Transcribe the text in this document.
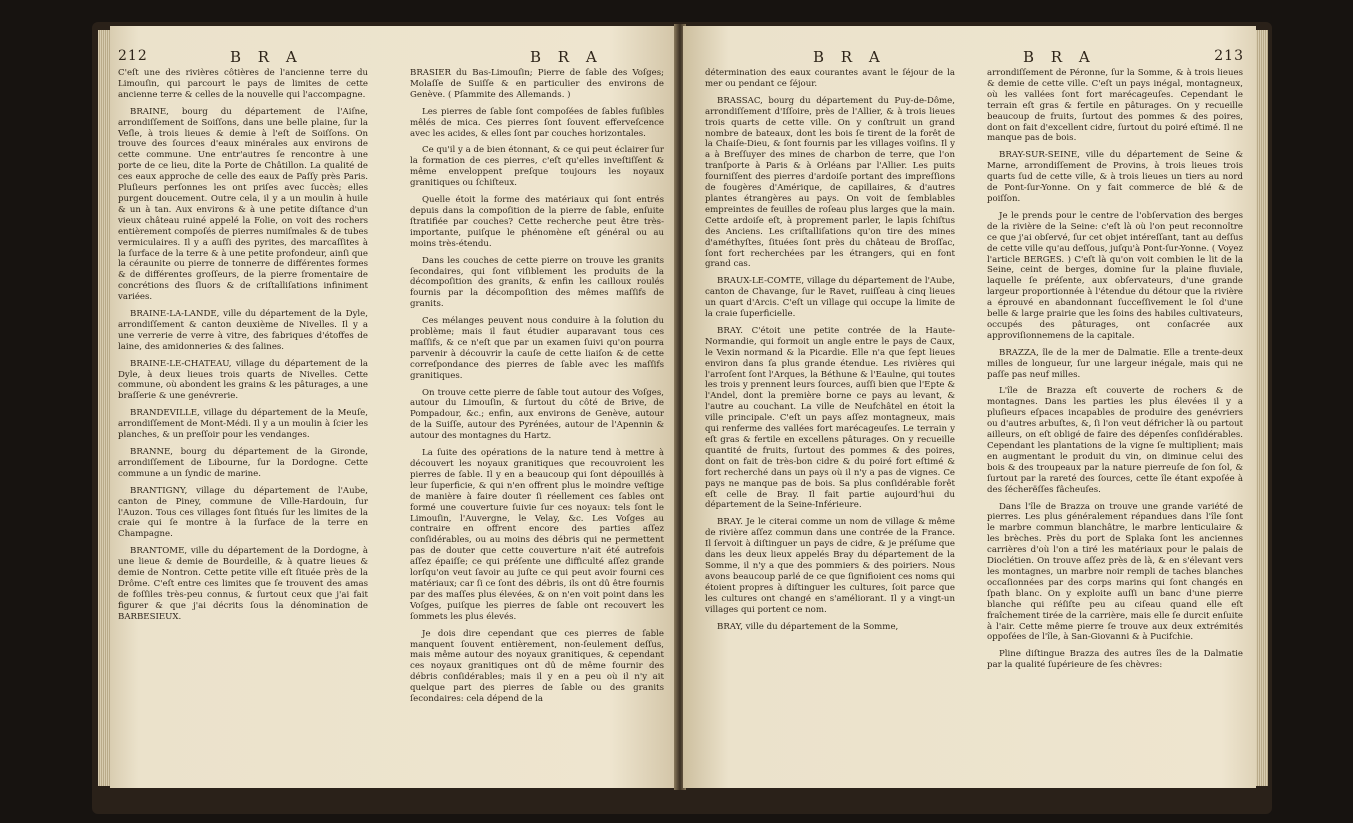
212	B R A	B R A

C'eſt une des rivières côtières de l'ancienne terre du Limouſin, qui parcourt le pays de limites de cette ancienne terre & celles de la nouvelle qui l'accompagne.

BRAINE, bourg du département de l'Aiſne, arrondiſſement de Soiſſons, dans une belle plaine, ſur la Veſle, à trois lieues & demie à l'eſt de Soiſſons. On trouve des ſources d'eaux minérales aux environs de cette commune. Une entr'autres ſe rencontre à une porte de ce lieu, dite la Porte de Châtillon. La qualité de ces eaux approche de celle des eaux de Paſſy près Paris. Pluſieurs perſonnes les ont priſes avec ſuccès; elles purgent doucement. Outre cela, il y a un moulin à huile & un à tan. Aux environs & à une petite diſtance d'un vieux château ruiné appelé la Folie, on voit des rochers entièrement compoſés de pierres numiſmales & de tubes vermiculaires. Il y a auſſi des pyrites, des marcaſſites à la ſurface de la terre & à une petite profondeur, ainſi que la céraunite ou pierre de tonnerre de différentes formes & de différentes groſſeurs, de la pierre ſromentaire de concrétions des ſluors & de criſtalliſations infiniment variées.

BRAINE-LA-LANDE, ville du département de la Dyle, arrondiſſement & canton deuxième de Nivelles. Il y a une verrerie de verre à vitre, des fabriques d'étoffes de laine, des amidonneries & des ſalines.

BRAINE-LE-CHATEAU, village du département de la Dyle, à deux lieues trois quarts de Nivelles. Cette commune, où abondent les grains & les pâturages, a une braſſerie & une genévrerie.

BRANDEVILLE, village du département de la Meuſe, arrondiſſement de Mont-Médi. Il y a un moulin à ſcier les planches, & un preſſoir pour les vendanges.

BRANNE, bourg du département de la Gironde, arrondiſſement de Libourne, ſur la Dordogne. Cette commune a un ſyndic de marine.

BRANTIGNY, village du département de l'Aube, canton de Piney, commune de Ville-Hardouin, ſur l'Auzon. Tous ces villages ſont ſitués ſur les limites de la craie qui ſe montre à la ſurface de la terre en Champagne.

BRANTOME, ville du département de la Dordogne, à une lieue & demie de Bourdeille, & à quatre lieues & demie de Nontron. Cette petite ville eſt ſituée près de la Drôme. C'eſt entre ces limites que ſe trouvent des amas de foſſiles très-peu connus, & ſurtout ceux que j'ai fait figurer & que j'ai décrits ſous la dénomination de BARBESIEUX.

BRASIER du Bas-Limouſin; Pierre de ſable des Voſges; Molaſſe de Suiſſe & en particulier des environs de Genève. ( Pſammite des Allemands. )

Les pierres de ſable ſont compoſées de ſables fuſibles mêlés de mica. Ces pierres ſont ſouvent efferveſcence avec les acides, & elles ſont par couches horizontales.

Ce qu'il y a de bien étonnant, & ce qui peut éclairer ſur la formation de ces pierres, c'eſt qu'elles inveſtiſſent & même enveloppent preſque toujours les noyaux granitiques ou ſchiſteux.

Quelle étoit la forme des matériaux qui ſont entrés depuis dans la compoſition de la pierre de ſable, enſuite ſtratifiée par couches? Cette recherche peut être très-importante, puiſque le phénomène eſt général ou au moins très-étendu.

Dans les couches de cette pierre on trouve les granits ſecondaires, qui ſont viſiblement les produits de la décompoſition des granits, & enfin les cailloux roulés fournis par la décompoſition des mêmes maſſifs de granits.

Ces mélanges peuvent nous conduire à la ſolution du problème; mais il faut étudier auparavant tous ces maſſifs, & ce n'eſt que par un examen ſuivi qu'on pourra parvenir à découvrir la cauſe de cette liaiſon & de cette correſpondance des pierres de ſable avec les maſſifs granitiques.

On trouve cette pierre de ſable tout autour des Voſges, autour du Limouſin, & ſurtout du côté de Brive, de Pompadour, &c.; enfin, aux environs de Genève, autour de la Suiſſe, autour des Pyrénées, autour de l'Apennin & autour des montagnes du Hartz.

La ſuite des opérations de la nature tend à mettre à découvert les noyaux granitiques que recouvroient les pierres de ſable. Il y en a beaucoup qui ſont dépouillés à leur ſuperficie, & qui n'en offrent plus le moindre veſtige de manière à faire douter ſi réellement ces ſables ont formé une couverture ſuivie ſur ces noyaux: tels ſont le Limouſin, l'Auvergne, le Velay, &c. Les Voſges au contraire en offrent encore des parties aſſez conſidérables, ou au moins des débris qui ne permettent pas de douter que cette couverture n'ait été autrefois aſſez épaiſſe; ce qui préſente une difficulté aſſez grande lorſqu'on veut ſavoir au juſte ce qui peut avoir fourni ces matériaux; car ſi ce ſont des débris, ils ont dû être fournis par des maſſes plus élevées, & on n'en voit point dans les Voſges, puiſque les pierres de ſable ont recouvert les ſommets les plus élevés.

Je dois dire cependant que ces pierres de ſable manquent ſouvent entièrement, non-ſeulement deſſus, mais même autour des noyaux granitiques, & cependant ces noyaux granitiques ont dû de même fournir des débris conſidérables; mais il y en a peu où il n'y ait quelque part des pierres de ſable ou des granits ſecondaires: cela dépend de la

B R A	B R A	213

détermination des eaux courantes avant le ſéjour de la mer ou pendant ce ſéjour.

BRASSAC, bourg du département du Puy-de-Dôme, arrondiſſement d'Iſſoire, près de l'Allier, & à trois lieues trois quarts de cette ville. On y conſtruit un grand nombre de bateaux, dont les bois ſe tirent de la forêt de la Chaiſe-Dieu, & ſont fournis par les villages voiſins. Il y a à Breſſuyer des mines de charbon de terre, que l'on tranſporte à Paris & à Orléans par l'Allier. Les puits fourniſſent des pierres d'ardoiſe portant des impreſſions de fougères d'Amérique, de capillaires, & d'autres plantes étrangères au pays. On voit de ſemblables empreintes de feuilles de roſeau plus larges que la main. Cette ardoiſe eſt, à proprement parler, le lapis ſchiſtus des Anciens. Les criſtalliſations qu'on tire des mines d'améthyſtes, ſituées ſont près du château de Broſſac, ſont fort recherchées par les étrangers, qui en font grand cas.

BRAUX-LE-COMTE, village du département de l'Aube, canton de Chavange, ſur le Ravet, ruiſſeau à cinq lieues un quart d'Arcis. C'eſt un village qui occupe la limite de la craie ſuperficielle.

BRAY. C'étoit une petite contrée de la Haute-Normandie, qui formoit un angle entre le pays de Caux, le Vexin normand & la Picardie. Elle n'a que ſept lieues environ dans ſa plus grande étendue. Les rivières qui l'arroſent ſont l'Arques, la Béthune & l'Eaulne, qui toutes les trois y prennent leurs ſources, auſſi bien que l'Epte & l'Andel, dont la première borne ce pays au levant, & l'autre au couchant. La ville de Neufchâtel en étoit la ville principale. C'eſt un pays aſſez montagneux, mais qui renferme des vallées fort marécageuſes. Le terrain y eſt gras & fertile en excellens pâturages. On y recueille quantité de fruits, ſurtout des pommes & des poires, dont on fait de très-bon cidre & du poiré fort eſtimé & fort recherché dans un pays où il n'y a pas de vignes. Ce pays ne manque pas de bois. Sa plus conſidérable forêt eſt celle de Bray. Il fait partie aujourd'hui du département de la Seine-Inférieure.

BRAY. Je le citerai comme un nom de village & même de rivière aſſez commun dans une contrée de la France. Il ſervoit à diſtinguer un pays de cidre, & je préſume que dans les deux lieux appelés Bray du département de la Somme, il n'y a que des pommiers & des poiriers. Nous avons beaucoup parlé de ce que ſignifioient ces noms qui étoient propres à diſtinguer les cultures, ſoit parce que les cultures ont changé en s'améliorant. Il y a vingt-un villages qui portent ce nom.

BRAY, ville du département de la Somme,

arrondiſſement de Péronne, ſur la Somme, & à trois lieues & demie de cette ville. C'eſt un pays inégal, montagneux, où les vallées ſont fort marécageuſes. Cependant le terrain eſt gras & fertile en pâturages. On y recueille beaucoup de fruits, ſurtout des pommes & des poires, dont on fait d'excellent cidre, ſurtout du poiré eſtimé. Il ne manque pas de bois.

BRAY-SUR-SEINE, ville du département de Seine & Marne, arrondiſſement de Provins, à trois lieues trois quarts ſud de cette ville, & à trois lieues un tiers au nord de Pont-ſur-Yonne. On y fait commerce de blé & de poiſſon.

Je le prends pour le centre de l'obſervation des berges de la rivière de la Seine: c'eſt là où l'on peut reconnoître ce que j'ai obſervé, ſur cet objet intéreſſant, tant au deſſus de cette ville qu'au deſſous, juſqu'à Pont-ſur-Yonne. ( Voyez l'article BERGES. ) C'eſt là qu'on voit combien le lit de la Seine, ceint de berges, domine ſur la plaine fluviale, laquelle ſe préſente, aux obſervateurs, d'une grande largeur proportionnée à l'étendue du détour que la rivière a éprouvé en abandonnant ſucceſſivement le ſol d'une belle & large prairie que les ſoins des habiles cultivateurs, occupés des pâturages, ont conſacrée aux approviſionnemens de la capitale.

BRAZZA, île de la mer de Dalmatie. Elle a trente-deux milles de longueur, ſur une largeur inégale, mais qui ne paſſe pas neuf milles.

L'île de Brazza eſt couverte de rochers & de montagnes. Dans les parties les plus élevées il y a pluſieurs eſpaces incapables de produire des genévriers ou d'autres arbuſtes, &, ſi l'on veut défricher là ou partout ailleurs, on eſt obligé de faire des dépenſes conſidérables. Cependant les plantations de la vigne ſe multiplient; mais en augmentant le produit du vin, on diminue celui des bois & des troupeaux par la nature pierreuſe de ſon ſol, & ſurtout par la rareté des ſources, cette île étant expoſée à des ſécherëſſes fâcheuſes.

Dans l'île de Brazza on trouve une grande variété de pierres. Les plus généralement répandues dans l'île ſont le marbre commun blanchâtre, le marbre lenticulaire & les brèches. Près du port de Splaka ſont les anciennes carrières d'où l'on a tiré les matériaux pour le palais de Dioclétien. On trouve aſſez près de là, & en s'élevant vers les montagnes, un marbre noir rempli de taches blanches occaſionnées par des corps marins qui ſont changés en ſpath blanc. On y exploite auſſi un banc d'une pierre blanche qui réſiſte peu au ciſeau quand elle eſt fraîchement tirée de la carrière, mais elle ſe durcit enſuite à l'air. Cette même pierre ſe trouve aux deux extrémités oppoſées de l'île, à San-Giovanni & à Pucifchie.

Pline diſtingue Brazza des autres îles de la Dalmatie par la qualité ſupérieure de ſes chèvres:
